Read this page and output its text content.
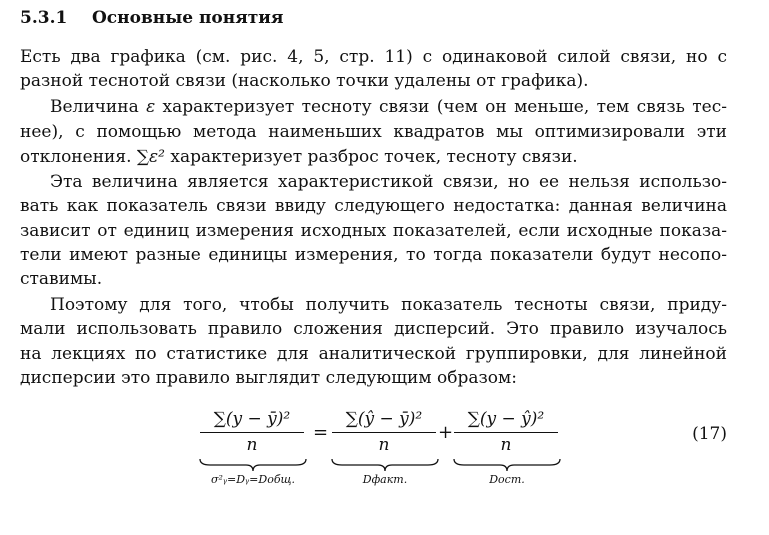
5.3.1 Основные понятия
Есть два графика (см. рис. 4, 5, стр. 11) с одинаковой силой связи, но с
разной теснотой связи (насколько точки удалены от графика).
Величина ε характеризует тесноту связи (чем он меньше, тем связь тес-
нее), с помощью метода наименьших квадратов мы оптимизировали эти
отклонения. ∑ε² характеризует разброс точек, тесноту связи.
Эта величина является характеристикой связи, но ее нельзя использо-
вать как показатель связи ввиду следующего недостатка: данная величина
зависит от единиц измерения исходных показателей, если исходные показа-
тели имеют разные единицы измерения, то тогда показатели будут несопо-
ставимы.
Поэтому для того, чтобы получить показатель тесноты связи, приду-
мали использовать правило сложения дисперсий. Это правило изучалось
на лекциях по статистике для аналитической группировки, для линейной
дисперсии это правило выглядит следующим образом:
$\frac{\text{∑(y − ȳ)²}}{n}$
σ²ᵧ=Dᵧ=Dобщ.
= $\frac{\text{∑(ŷ − ȳ)²}}{n}$
Dфакт.
+ $\frac{\text{∑(y − ŷ)²}}{n}$
Dост.
(17)
